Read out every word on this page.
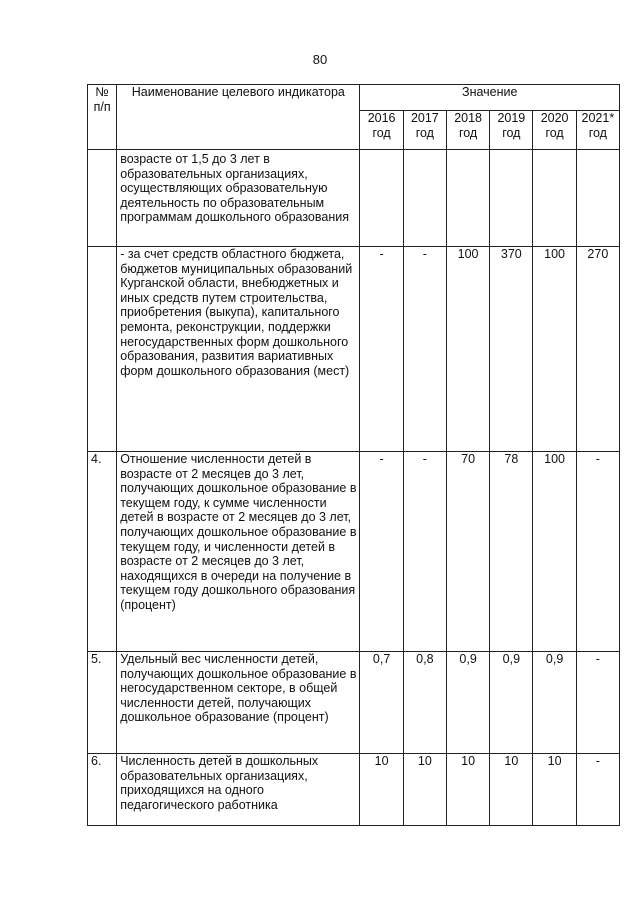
80
№ п/п	Наименование целевого индикатора	Значение					
		2016 год	2017 год	2018 год	2019 год	2020 год	2021* год
	возрасте от 1,5 до 3 лет в образовательных организациях, осуществляющих образовательную деятельность по образовательным программам дошкольного образования						
	- за счет средств областного бюджета, бюджетов муниципальных образований Курганской области, внебюджетных и иных средств путем строительства, приобретения (выкупа), капитального ремонта, реконструкции, поддержки негосударственных форм дошкольного образования, развития вариативных форм дошкольного образования (мест)	-	-	100	370	100	270
4.	Отношение численности детей в возрасте от 2 месяцев до 3 лет, получающих дошкольное образование в текущем году, к сумме численности детей в возрасте от 2 месяцев до 3 лет, получающих дошкольное образование в текущем году, и численности детей в возрасте от 2 месяцев до 3 лет, находящихся в очереди на получение в текущем году дошкольного образования (процент)	-	-	70	78	100	-
5.	Удельный вес численности детей, получающих дошкольное образование в негосударственном секторе, в общей численности детей, получающих дошкольное образование (процент)	0,7	0,8	0,9	0,9	0,9	-
6.	Численность детей в дошкольных образовательных организациях, приходящихся на одного педагогического работника	10	10	10	10	10	-
